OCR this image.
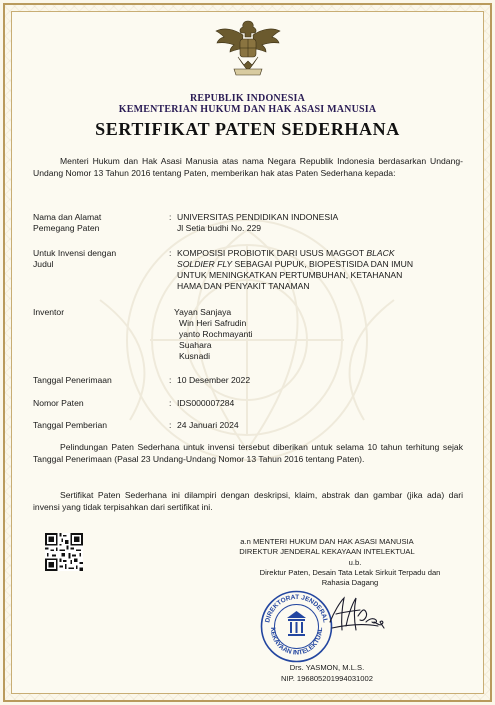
REPUBLIK INDONESIA
KEMENTERIAN HUKUM DAN HAK ASASI MANUSIA
SERTIFIKAT PATEN SEDERHANA
Menteri Hukum dan Hak Asasi Manusia atas nama Negara Republik Indonesia berdasarkan Undang-Undang Nomor 13 Tahun 2016 tentang Paten, memberikan hak atas Paten Sederhana kepada:
Nama dan Alamat
Pemegang Paten
: UNIVERSITAS PENDIDIKAN INDONESIA
Jl Setia budhi No. 229
Untuk Invensi dengan
Judul
: KOMPOSISI PROBIOTIK DARI USUS MAGGOT BLACK SOLDIER FLY SEBAGAI PUPUK, BIOPESTISIDA DAN IMUN UNTUK MENINGKATKAN PERTUMBUHAN, KETAHANAN HAMA DAN PENYAKIT TANAMAN
Inventor	Yayan Sanjaya
Win Heri Safrudin
yanto Rochmayanti
Suahara
Kusnadi
Tanggal Penerimaan	: 10 Desember 2022
Nomor Paten	: IDS000007284
Tanggal Pemberian	: 24 Januari 2024
Pelindungan Paten Sederhana untuk invensi tersebut diberikan untuk selama 10 tahun terhitung sejak Tanggal Penerimaan (Pasal 23 Undang-Undang Nomor 13 Tahun 2016 tentang Paten).
Sertifikat Paten Sederhana ini dilampiri dengan deskripsi, klaim, abstrak dan gambar (jika ada) dari invensi yang tidak terpisahkan dari sertifikat ini.
a.n MENTERI HUKUM DAN HAK ASASI MANUSIA
DIREKTUR JENDERAL KEKAYAAN INTELEKTUAL
u.b.
Direktur Paten, Desain Tata Letak Sirkuit Terpadu dan
Rahasia Dagang
DIREKTORAT JENDERAL
KEKAYAAN INTELEKTUAL
Drs. YASMON, M.L.S.
NIP. 196805201994031002
